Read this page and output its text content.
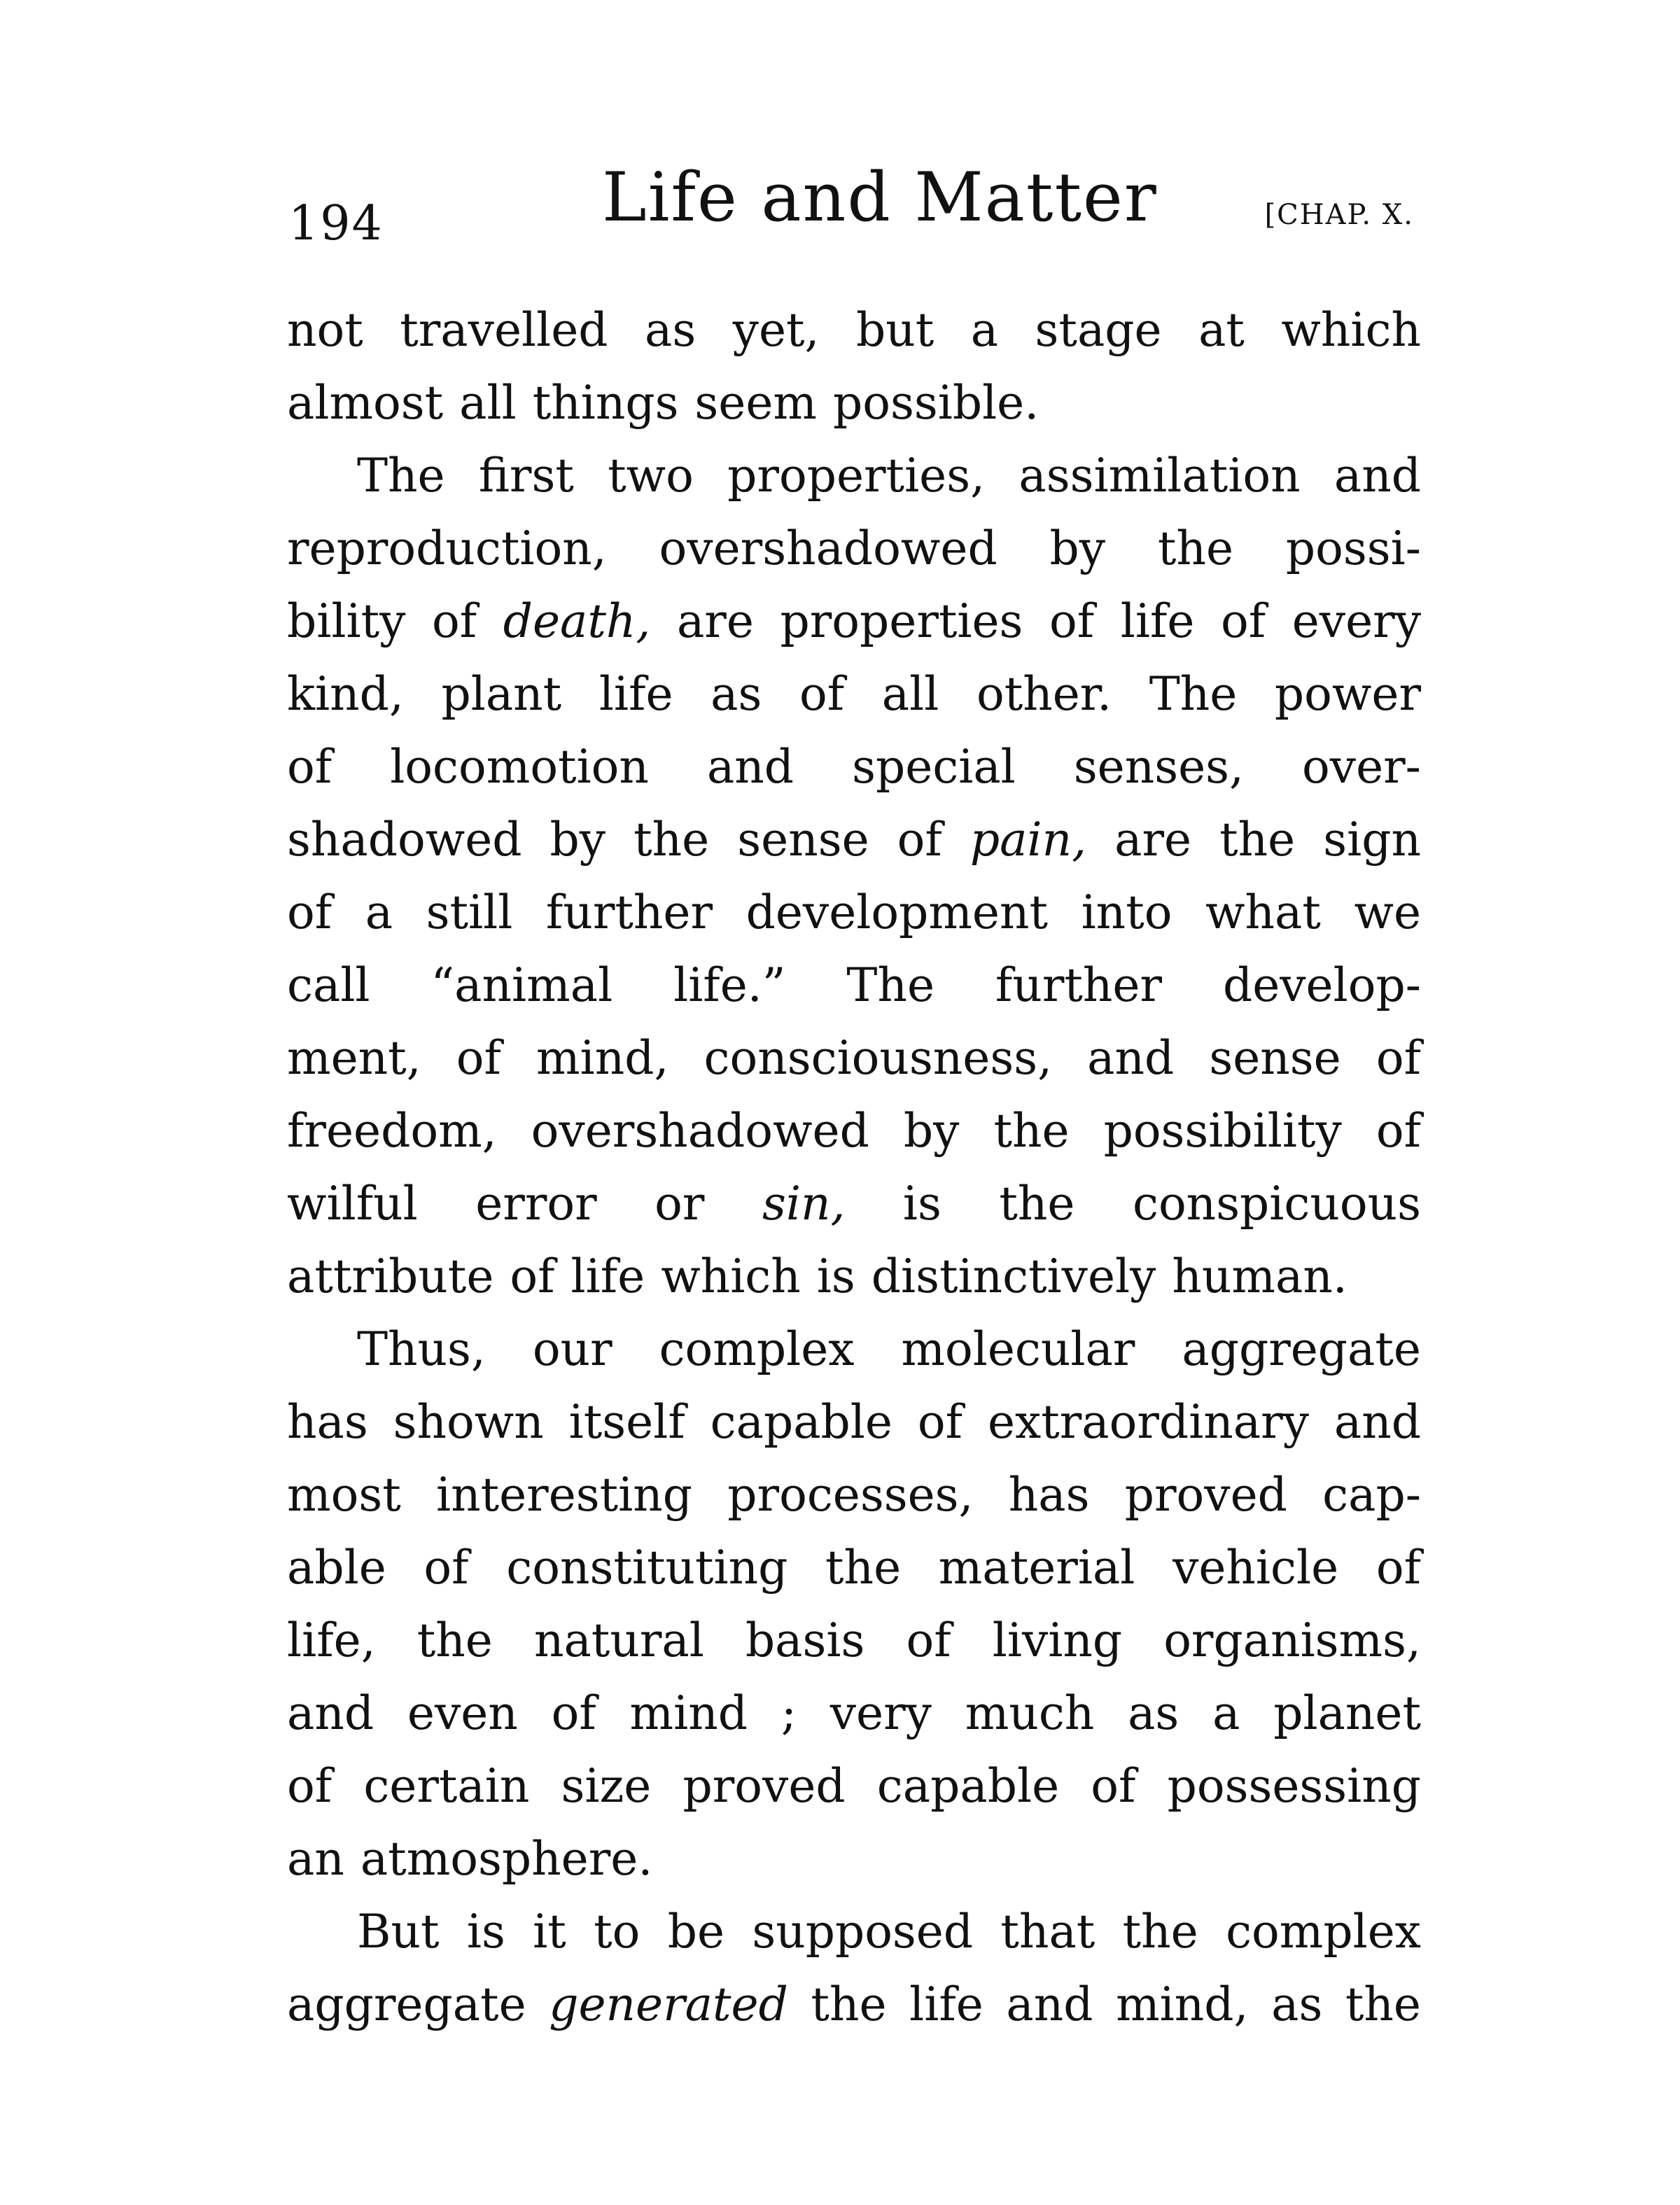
194	Life and Matter	[CHAP. X.
not travelled as yet, but a stage at which
almost all things seem possible.
The first two properties, assimilation and
reproduction, overshadowed by the possi-
bility of death, are properties of life of every
kind, plant life as of all other. The power
of locomotion and special senses, over-
shadowed by the sense of pain, are the sign
of a still further development into what we
call “animal life.” The further develop-
ment, of mind, consciousness, and sense of
freedom, overshadowed by the possibility of
wilful error or sin, is the conspicuous
attribute of life which is distinctively human.
Thus, our complex molecular aggregate
has shown itself capable of extraordinary and
most interesting processes, has proved cap-
able of constituting the material vehicle of
life, the natural basis of living organisms,
and even of mind ; very much as a planet
of certain size proved capable of possessing
an atmosphere.
But is it to be supposed that the complex
aggregate generated the life and mind, as the
